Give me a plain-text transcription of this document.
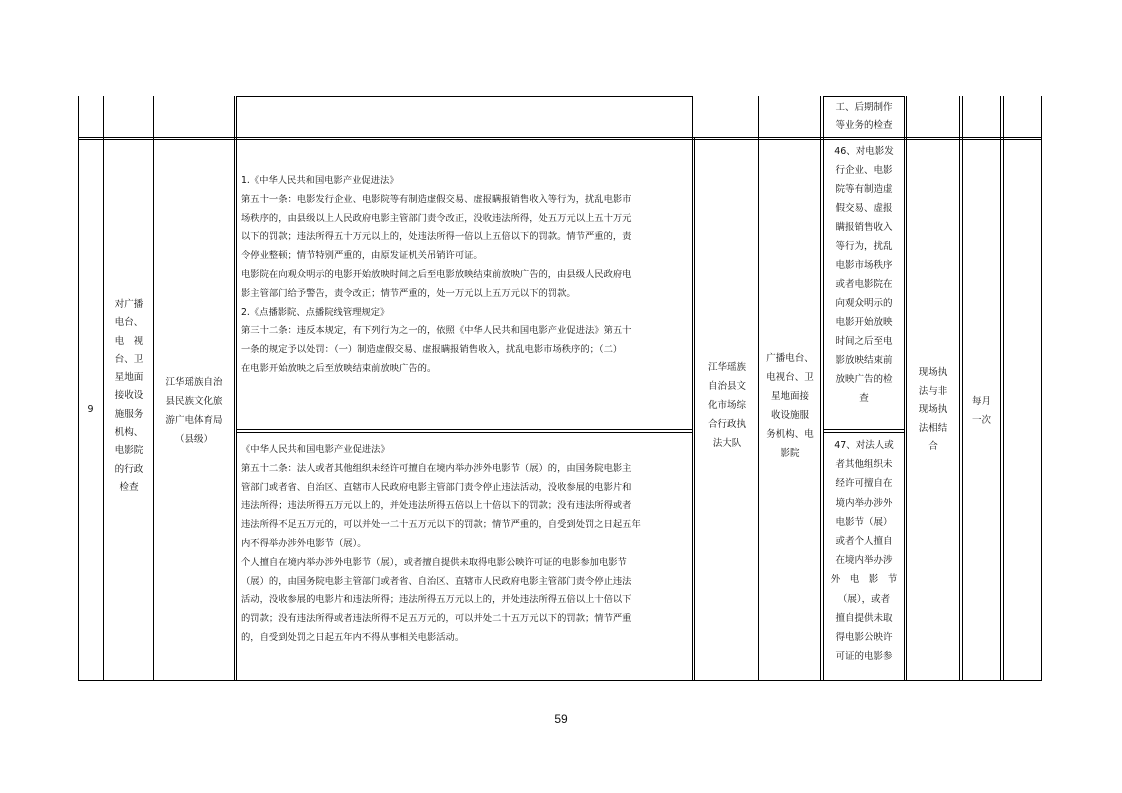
工、后期制作
等业务的检查
9
对广播
电台、
电　视
台、卫
星地面
接收设
施服务
机构、
电影院
的行政
检查
江华瑶族自治
县民族文化旅
游广电体育局
（县级）
1.《中华人民共和国电影产业促进法》
第五十一条：电影发行企业、电影院等有制造虚假交易、虚报瞒报销售收入等行为，扰乱电影市
场秩序的，由县级以上人民政府电影主管部门责令改正，没收违法所得，处五万元以上五十万元
以下的罚款；违法所得五十万元以上的，处违法所得一倍以上五倍以下的罚款。情节严重的，责
令停业整顿；情节特别严重的，由原发证机关吊销许可证。
电影院在向观众明示的电影开始放映时间之后至电影放映结束前放映广告的，由县级人民政府电
影主管部门给予警告，责令改正；情节严重的，处一万元以上五万元以下的罚款。
2.《点播影院、点播院线管理规定》
第三十二条：违反本规定，有下列行为之一的，依照《中华人民共和国电影产业促进法》第五十
一条的规定予以处罚：（一）制造虚假交易、虚报瞒报销售收入，扰乱电影市场秩序的；（二）
在电影开始放映之后至放映结束前放映广告的。
《中华人民共和国电影产业促进法》
第五十二条：法人或者其他组织未经许可擅自在境内举办涉外电影节（展）的，由国务院电影主
管部门或者省、自治区、直辖市人民政府电影主管部门责令停止违法活动，没收参展的电影片和
违法所得；违法所得五万元以上的，并处违法所得五倍以上十倍以下的罚款；没有违法所得或者
违法所得不足五万元的，可以并处一二十五万元以下的罚款；情节严重的，自受到处罚之日起五年
内不得举办涉外电影节（展）。
个人擅自在境内举办涉外电影节（展），或者擅自提供未取得电影公映许可证的电影参加电影节
（展）的，由国务院电影主管部门或者省、自治区、直辖市人民政府电影主管部门责令停止违法
活动，没收参展的电影片和违法所得；违法所得五万元以上的，并处违法所得五倍以上十倍以下
的罚款；没有违法所得或者违法所得不足五万元的，可以并处二十五万元以下的罚款；情节严重
的，自受到处罚之日起五年内不得从事相关电影活动。
江华瑶族
自治县文
化市场综
合行政执
法大队
广播电台、
电视台、卫
星地面接
收设施服
务机构、电
影院
46、对电影发
行企业、电影
院等有制造虚
假交易、虚报
瞒报销售收入
等行为，扰乱
电影市场秩序
或者电影院在
向观众明示的
电影开始放映
时间之后至电
影放映结束前
放映广告的检
查
47、对法人或
者其他组织未
经许可擅自在
境内举办涉外
电影节（展）
或者个人擅自
在境内举办涉
外　电　影　节
（展），或者
擅自提供未取
得电影公映许
可证的电影参
现场执
法与非
现场执
法相结
合
每月
一次
59
